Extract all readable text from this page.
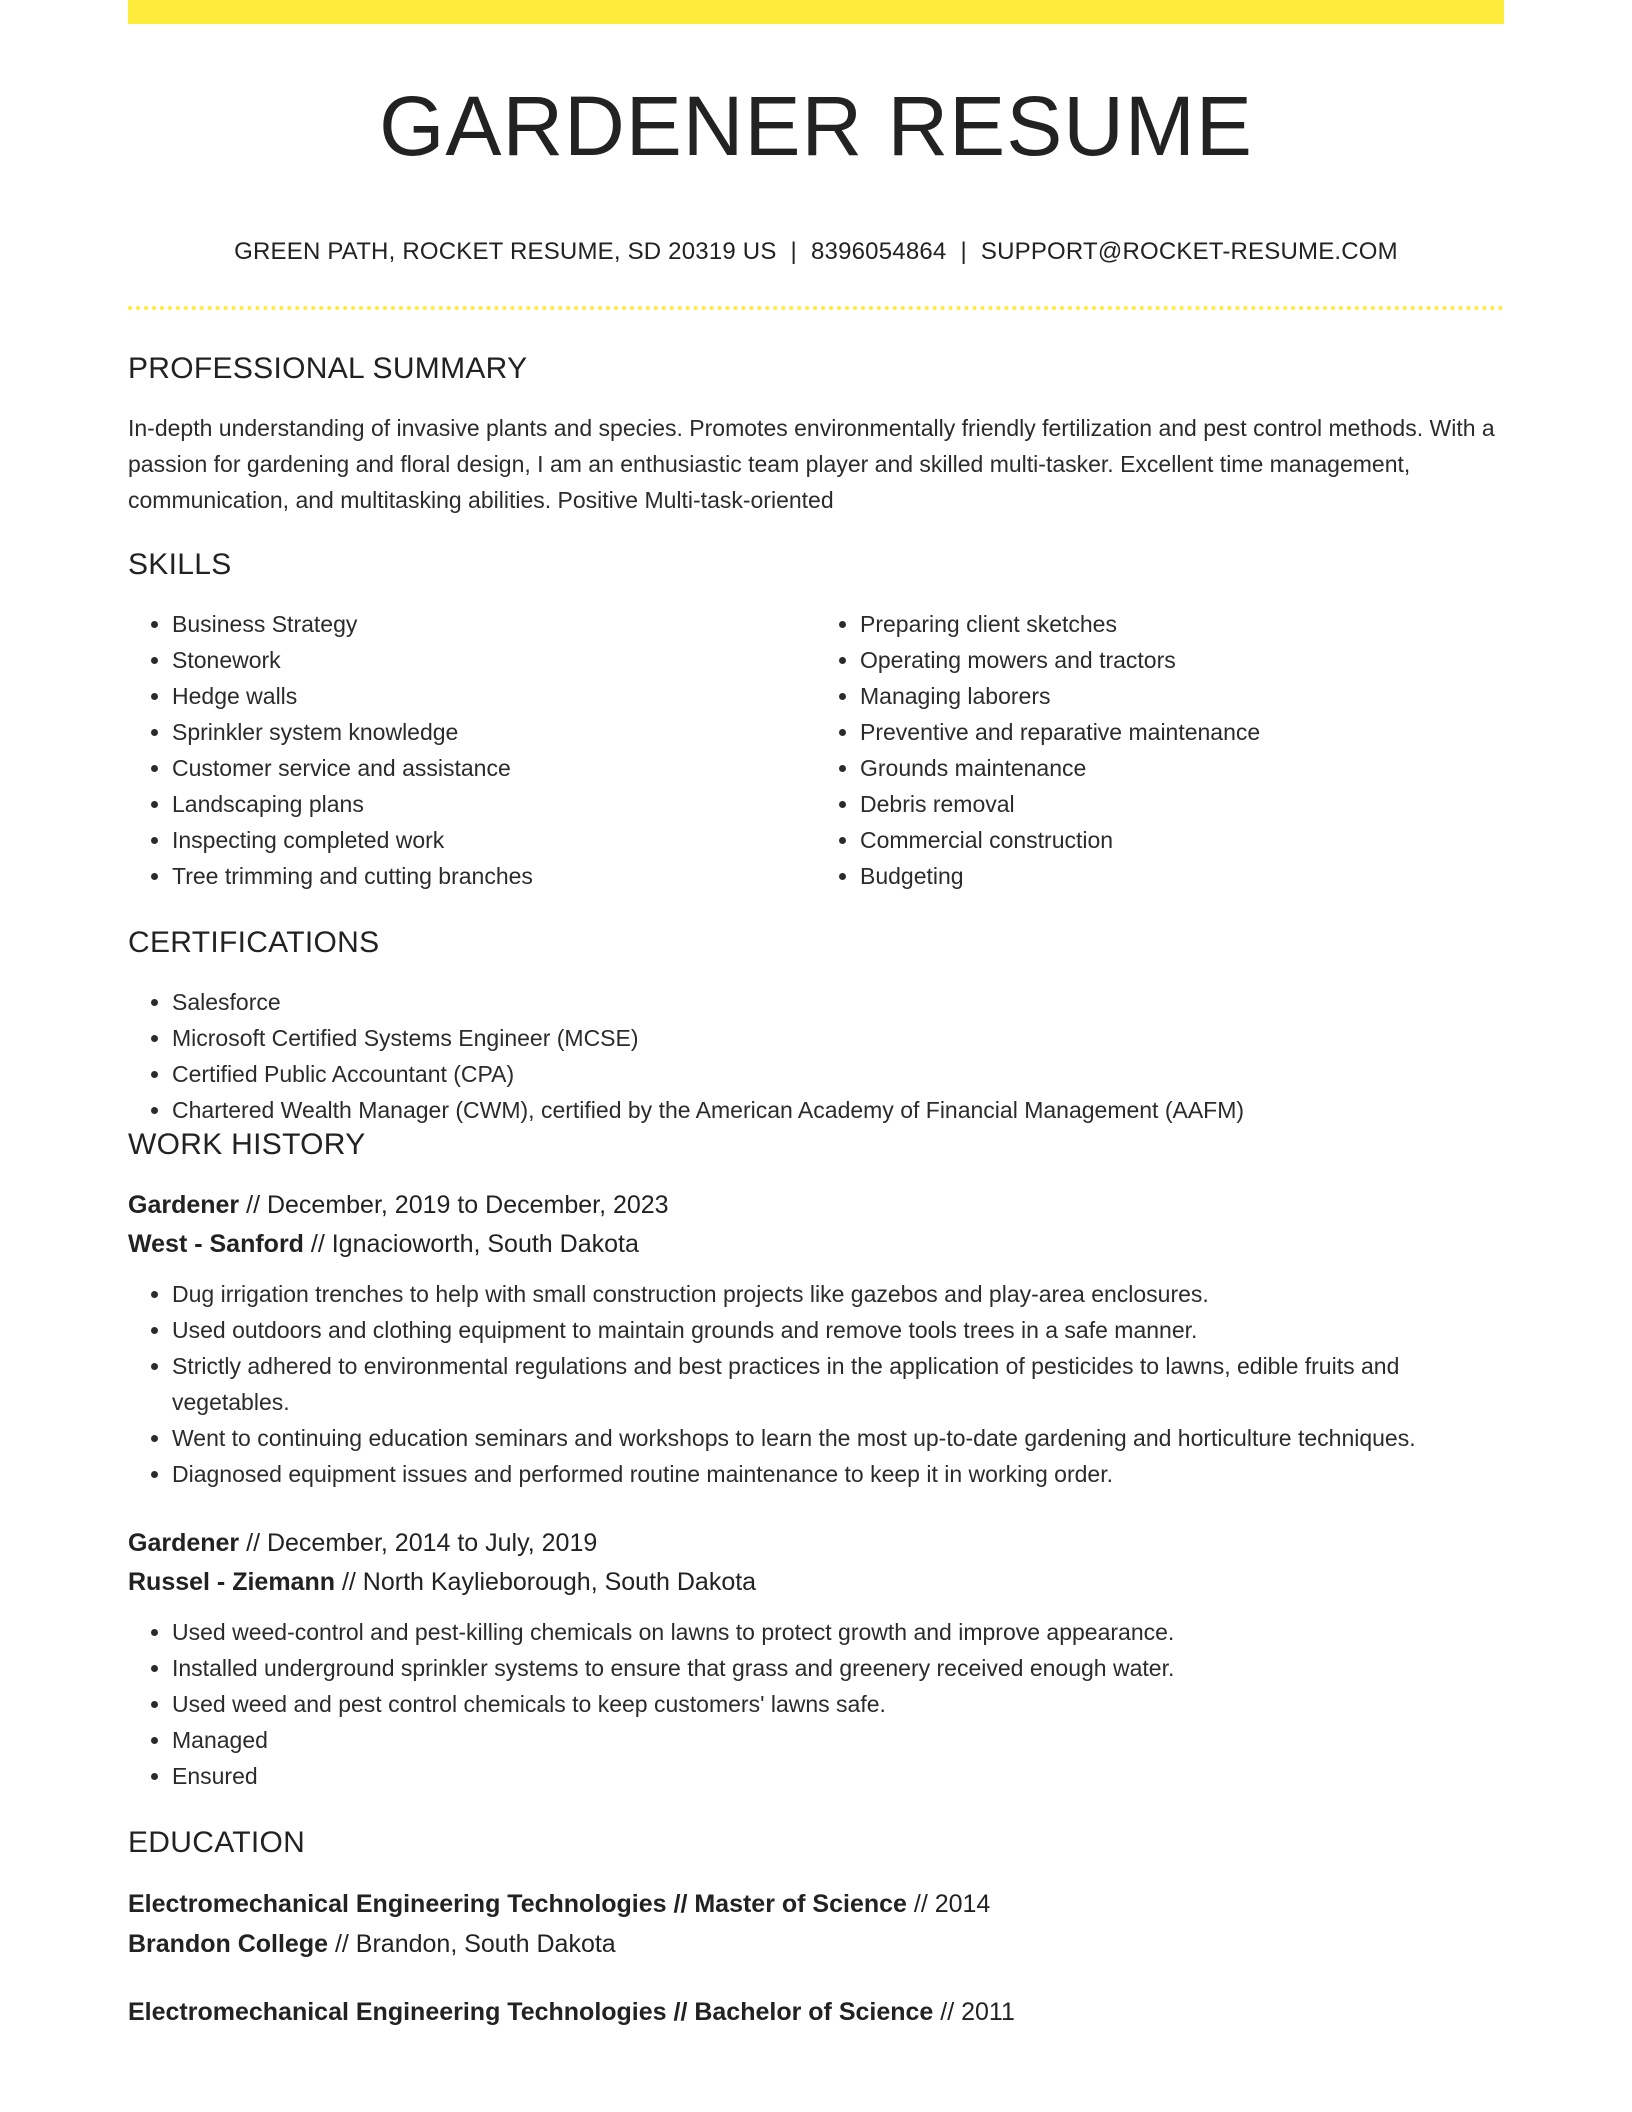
GARDENER RESUME
GREEN PATH, ROCKET RESUME, SD 20319 US | 8396054864 | SUPPORT@ROCKET-RESUME.COM
PROFESSIONAL SUMMARY

In-depth understanding of invasive plants and species. Promotes environmentally friendly fertilization and pest control methods. With a passion for gardening and floral design, I am an enthusiastic team player and skilled multi-tasker. Excellent time management, communication, and multitasking abilities. Positive Multi-task-oriented

SKILLS
• Business Strategy
• Stonework
• Hedge walls
• Sprinkler system knowledge
• Customer service and assistance
• Landscaping plans
• Inspecting completed work
• Tree trimming and cutting branches
• Preparing client sketches
• Operating mowers and tractors
• Managing laborers
• Preventive and reparative maintenance
• Grounds maintenance
• Debris removal
• Commercial construction
• Budgeting
CERTIFICATIONS
• Salesforce
• Microsoft Certified Systems Engineer (MCSE)
• Certified Public Accountant (CPA)
• Chartered Wealth Manager (CWM), certified by the American Academy of Financial Management (AAFM)
WORK HISTORY
Gardener // December, 2019 to December, 2023
West - Sanford // Ignacioworth, South Dakota
• Dug irrigation trenches to help with small construction projects like gazebos and play-area enclosures.
• Used outdoors and clothing equipment to maintain grounds and remove tools trees in a safe manner.
• Strictly adhered to environmental regulations and best practices in the application of pesticides to lawns, edible fruits and vegetables.
• Went to continuing education seminars and workshops to learn the most up-to-date gardening and horticulture techniques.
• Diagnosed equipment issues and performed routine maintenance to keep it in working order.
Gardener // December, 2014 to July, 2019
Russel - Ziemann // North Kaylieborough, South Dakota
• Used weed-control and pest-killing chemicals on lawns to protect growth and improve appearance.
• Installed underground sprinkler systems to ensure that grass and greenery received enough water.
• Used weed and pest control chemicals to keep customers' lawns safe.
• Managed
• Ensured
EDUCATION
Electromechanical Engineering Technologies // Master of Science // 2014
Brandon College // Brandon, South Dakota
Electromechanical Engineering Technologies // Bachelor of Science // 2011
